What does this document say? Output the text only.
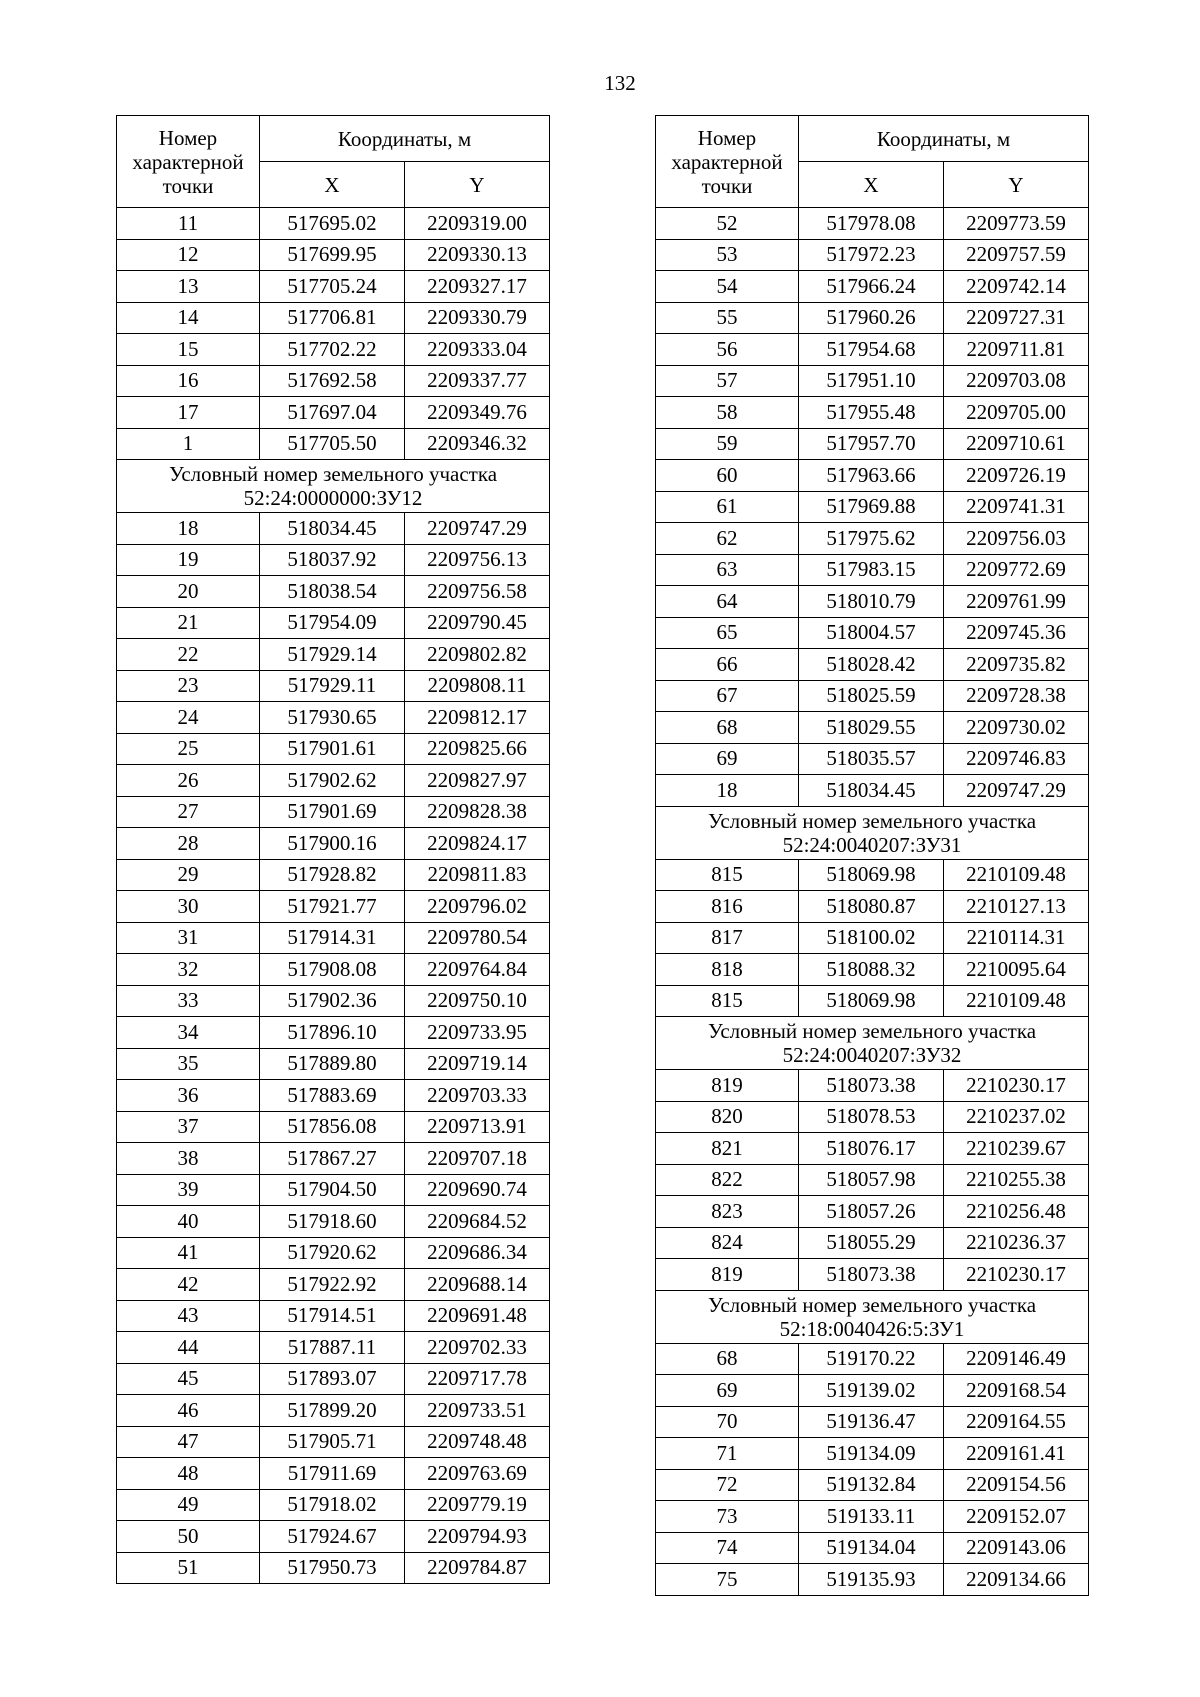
132
Номер характерной точки	Координаты, м	
	X	Y
11	517695.02	2209319.00
12	517699.95	2209330.13
13	517705.24	2209327.17
14	517706.81	2209330.79
15	517702.22	2209333.04
16	517692.58	2209337.77
17	517697.04	2209349.76
1	517705.50	2209346.32
Условный номер земельного участка 52:24:0000000:ЗУ12		
18	518034.45	2209747.29
19	518037.92	2209756.13
20	518038.54	2209756.58
21	517954.09	2209790.45
22	517929.14	2209802.82
23	517929.11	2209808.11
24	517930.65	2209812.17
25	517901.61	2209825.66
26	517902.62	2209827.97
27	517901.69	2209828.38
28	517900.16	2209824.17
29	517928.82	2209811.83
30	517921.77	2209796.02
31	517914.31	2209780.54
32	517908.08	2209764.84
33	517902.36	2209750.10
34	517896.10	2209733.95
35	517889.80	2209719.14
36	517883.69	2209703.33
37	517856.08	2209713.91
38	517867.27	2209707.18
39	517904.50	2209690.74
40	517918.60	2209684.52
41	517920.62	2209686.34
42	517922.92	2209688.14
43	517914.51	2209691.48
44	517887.11	2209702.33
45	517893.07	2209717.78
46	517899.20	2209733.51
47	517905.71	2209748.48
48	517911.69	2209763.69
49	517918.02	2209779.19
50	517924.67	2209794.93
51	517950.73	2209784.87
Номер характерной точки	Координаты, м	
	X	Y
52	517978.08	2209773.59
53	517972.23	2209757.59
54	517966.24	2209742.14
55	517960.26	2209727.31
56	517954.68	2209711.81
57	517951.10	2209703.08
58	517955.48	2209705.00
59	517957.70	2209710.61
60	517963.66	2209726.19
61	517969.88	2209741.31
62	517975.62	2209756.03
63	517983.15	2209772.69
64	518010.79	2209761.99
65	518004.57	2209745.36
66	518028.42	2209735.82
67	518025.59	2209728.38
68	518029.55	2209730.02
69	518035.57	2209746.83
18	518034.45	2209747.29
Условный номер земельного участка 52:24:0040207:ЗУ31		
815	518069.98	2210109.48
816	518080.87	2210127.13
817	518100.02	2210114.31
818	518088.32	2210095.64
815	518069.98	2210109.48
Условный номер земельного участка 52:24:0040207:ЗУ32		
819	518073.38	2210230.17
820	518078.53	2210237.02
821	518076.17	2210239.67
822	518057.98	2210255.38
823	518057.26	2210256.48
824	518055.29	2210236.37
819	518073.38	2210230.17
Условный номер земельного участка 52:18:0040426:5:ЗУ1		
68	519170.22	2209146.49
69	519139.02	2209168.54
70	519136.47	2209164.55
71	519134.09	2209161.41
72	519132.84	2209154.56
73	519133.11	2209152.07
74	519134.04	2209143.06
75	519135.93	2209134.66
